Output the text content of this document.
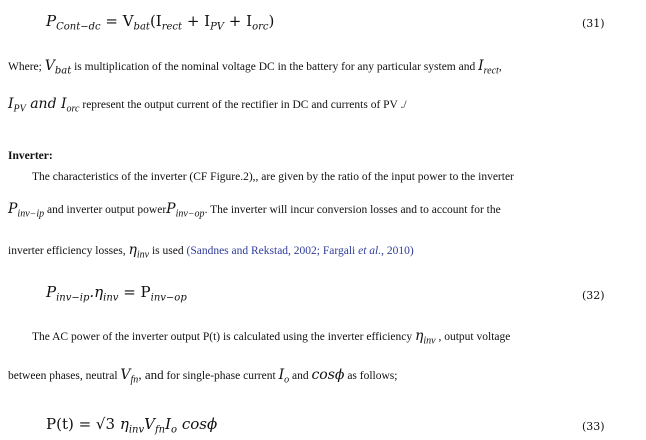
$P_{Cont-dc} = V_{bat}(I_{rect} + I_{PV} + I_{orc})$	(31)
Where; $V_{bat}$ is multiplication of the nominal voltage DC in the battery for any particular system and $I_{rect}$,
$I_{PV}$ and $I_{orc}$ represent the output current of the rectifier in DC and currents of PV ./
Inverter:
The characteristics of the inverter (CF Figure.2),, are given by the ratio of the input power to the inverter
$P_{inv-ip}$ and inverter output powerP$_{inv-op}$. The inverter will incur conversion losses and to account for the
inverter efficiency losses, $\eta_{inv}$ is used (Sandnes and Rekstad, 2002; Fargali et al., 2010)
$P_{inv-ip}.\eta_{inv} = P_{inv-op}$	(32)
The AC power of the inverter output P(t) is calculated using the inverter efficiency $\eta_{inv}$ , output voltage
between phases, neutral $V_{fn}$, and for single-phase current $I_o$ and cosϕ as follows;
P(t) = √3 $\eta_{inv}V_{fn}I_o$ cosϕ	(33)
